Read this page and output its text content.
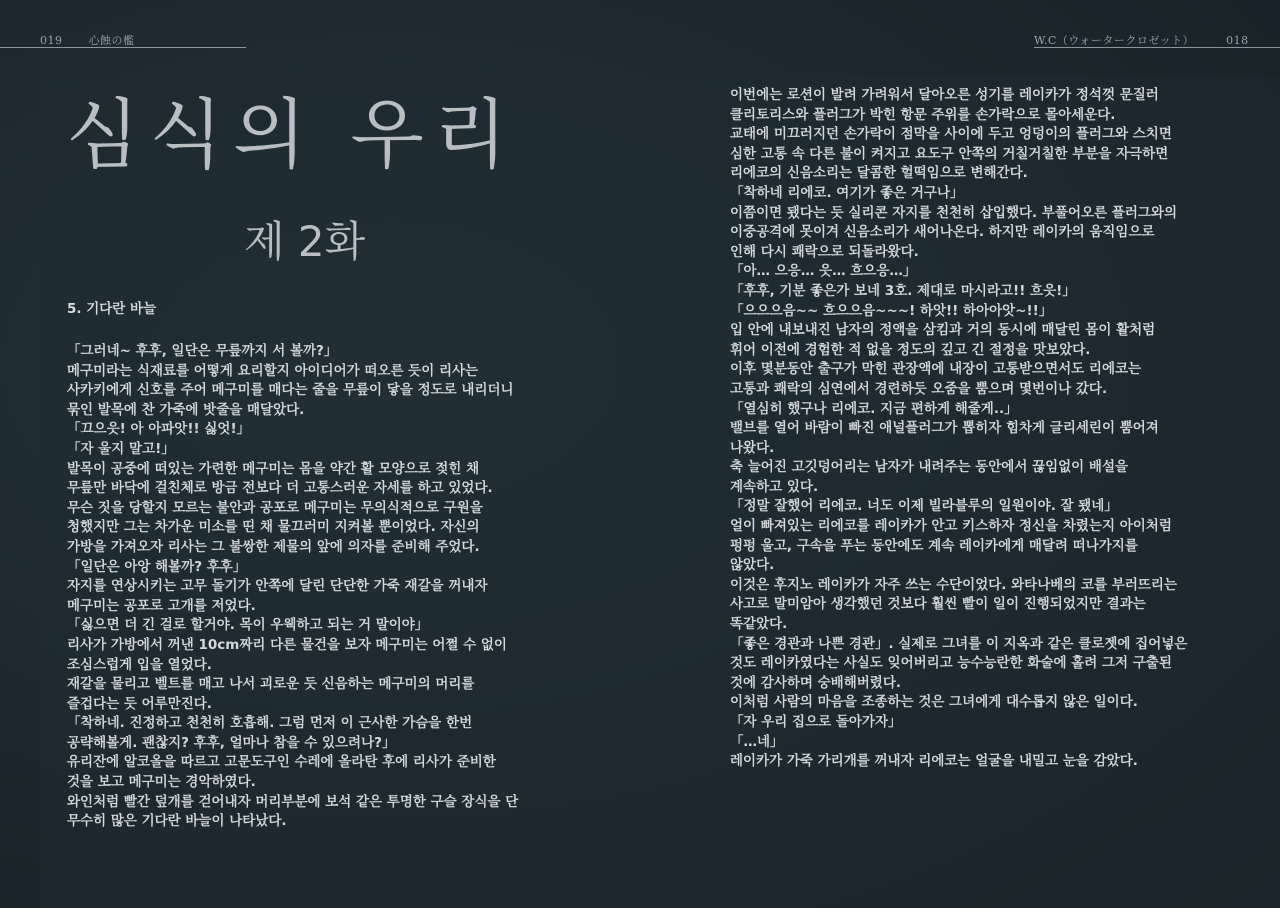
019 心蝕の檻	W.C（ウォータークロゼット）	018
심식의 우리
제 2화
5. 기다란 바늘
「그러네~ 후후, 일단은 무릎까지 서 볼까?」
메구미라는 식재료를 어떻게 요리할지 아이디어가 떠오른 듯이 리사는
사카키에게 신호를 주어 메구미를 매다는 줄을 무릎이 닿을 정도로 내리더니
묶인 발목에 찬 가죽에 밧줄을 매달았다.
「끄으읏! 아 아파앗!! 싫엇!」
「자 울지 말고!」
발목이 공중에 떠있는 가련한 메구미는 몸을 약간 활 모양으로 젖힌 채
무릎만 바닥에 걸친체로 방금 전보다 더 고통스러운 자세를 하고 있었다.
무슨 짓을 당할지 모르는 불안과 공포로 메구미는 무의식적으로 구원을
청했지만 그는 차가운 미소를 띤 채 물끄러미 지켜볼 뿐이었다. 자신의
가방을 가져오자 리사는 그 불쌍한 제물의 앞에 의자를 준비해 주었다.
「일단은 아앙 해볼까? 후후」
자지를 연상시키는 고무 돌기가 안쪽에 달린 단단한 가죽 재갈을 꺼내자
메구미는 공포로 고개를 저었다.
「싫으면 더 긴 걸로 할거야. 목이 우웩하고 되는 거 말이야」
리사가 가방에서 꺼낸 10cm짜리 다른 물건을 보자 메구미는 어쩔 수 없이
조심스럽게 입을 열었다.
재갈을 물리고 벨트를 매고 나서 괴로운 듯 신음하는 메구미의 머리를
즐겁다는 듯 어루만진다.
「착하네. 진정하고 천천히 호흡해. 그럼 먼저 이 근사한 가슴을 한번
공략해볼게. 괜찮지? 후후, 얼마나 참을 수 있으려나?」
유리잔에 알코올을 따르고 고문도구인 수레에 올라탄 후에 리사가 준비한
것을 보고 메구미는 경악하였다.
와인처럼 빨간 덮개를 걷어내자 머리부분에 보석 같은 투명한 구슬 장식을 단
무수히 많은 기다란 바늘이 나타났다.
이번에는 로션이 발려 가려워서 달아오른 성기를 레이카가 정석껏 문질러
클리토리스와 플러그가 박힌 항문 주위를 손가락으로 몰아세운다.
교태에 미끄러지던 손가락이 점막을 사이에 두고 엉덩이의 플러그와 스치면
심한 고통 속 다른 불이 켜지고 요도구 안쪽의 거칠거칠한 부분을 자극하면
리에코의 신음소리는 달콤한 헐떡임으로 변해간다.
「착하네 리에코. 여기가 좋은 거구나」
이쯤이면 됐다는 듯 실리콘 자지를 천천히 삽입했다. 부풀어오른 플러그와의
이중공격에 못이겨 신음소리가 새어나온다. 하지만 레이카의 움직임으로
인해 다시 쾌락으로 되돌라왔다.
「아… 으응… 읏… 흐으응…」
「후후, 기분 좋은가 보네 3호. 제대로 마시라고!! 흐읏!」
「으으으음~~ 흐으으음~~~! 하앗!! 하아아앗~!!」
입 안에 내보내진 남자의 정액을 삼킴과 거의 동시에 매달린 몸이 활처럼
휘어 이전에 경험한 적 없을 정도의 깊고 긴 절정을 맛보았다.
이후 몇분동안 출구가 막힌 관장액에 내장이 고통받으면서도 리에코는
고통과 쾌락의 심연에서 경련하듯 오줌을 뿜으며 몇번이나 갔다.
「열심히 했구나 리에코. 지금 편하게 해줄게..」
밸브를 열어 바람이 빠진 애널플러그가 뽑히자 힘차게 글리세린이 뿜어져
나왔다.
축 늘어진 고깃덩어리는 남자가 내려주는 동안에서 끊임없이 배설을
계속하고 있다.
「정말 잘했어 리에코. 너도 이제 빌라블루의 일원이야. 잘 됐네」
얼이 빠져있는 리에코를 레이카가 안고 키스하자 정신을 차렸는지 아이처럼
펑펑 울고, 구속을 푸는 동안에도 계속 레이카에게 매달려 떠나가지를
않았다.
이것은 후지노 레이카가 자주 쓰는 수단이었다. 와타나베의 코를 부러뜨리는
사고로 말미암아 생각했던 것보다 훨씬 빨이 일이 진행되었지만 결과는
똑같았다.
「좋은 경관과 나쁜 경관」. 실제로 그녀를 이 지옥과 같은 클로젯에 집어넣은
것도 레이카였다는 사실도 잊어버리고 능수능란한 화술에 홀려 그저 구출된
것에 감사하며 숭배해버렸다.
이처럼 사람의 마음을 조종하는 것은 그녀에게 대수롭지 않은 일이다.
「자 우리 집으로 돌아가자」
「…네」
레이카가 가죽 가리개를 꺼내자 리에코는 얼굴을 내밀고 눈을 감았다.
